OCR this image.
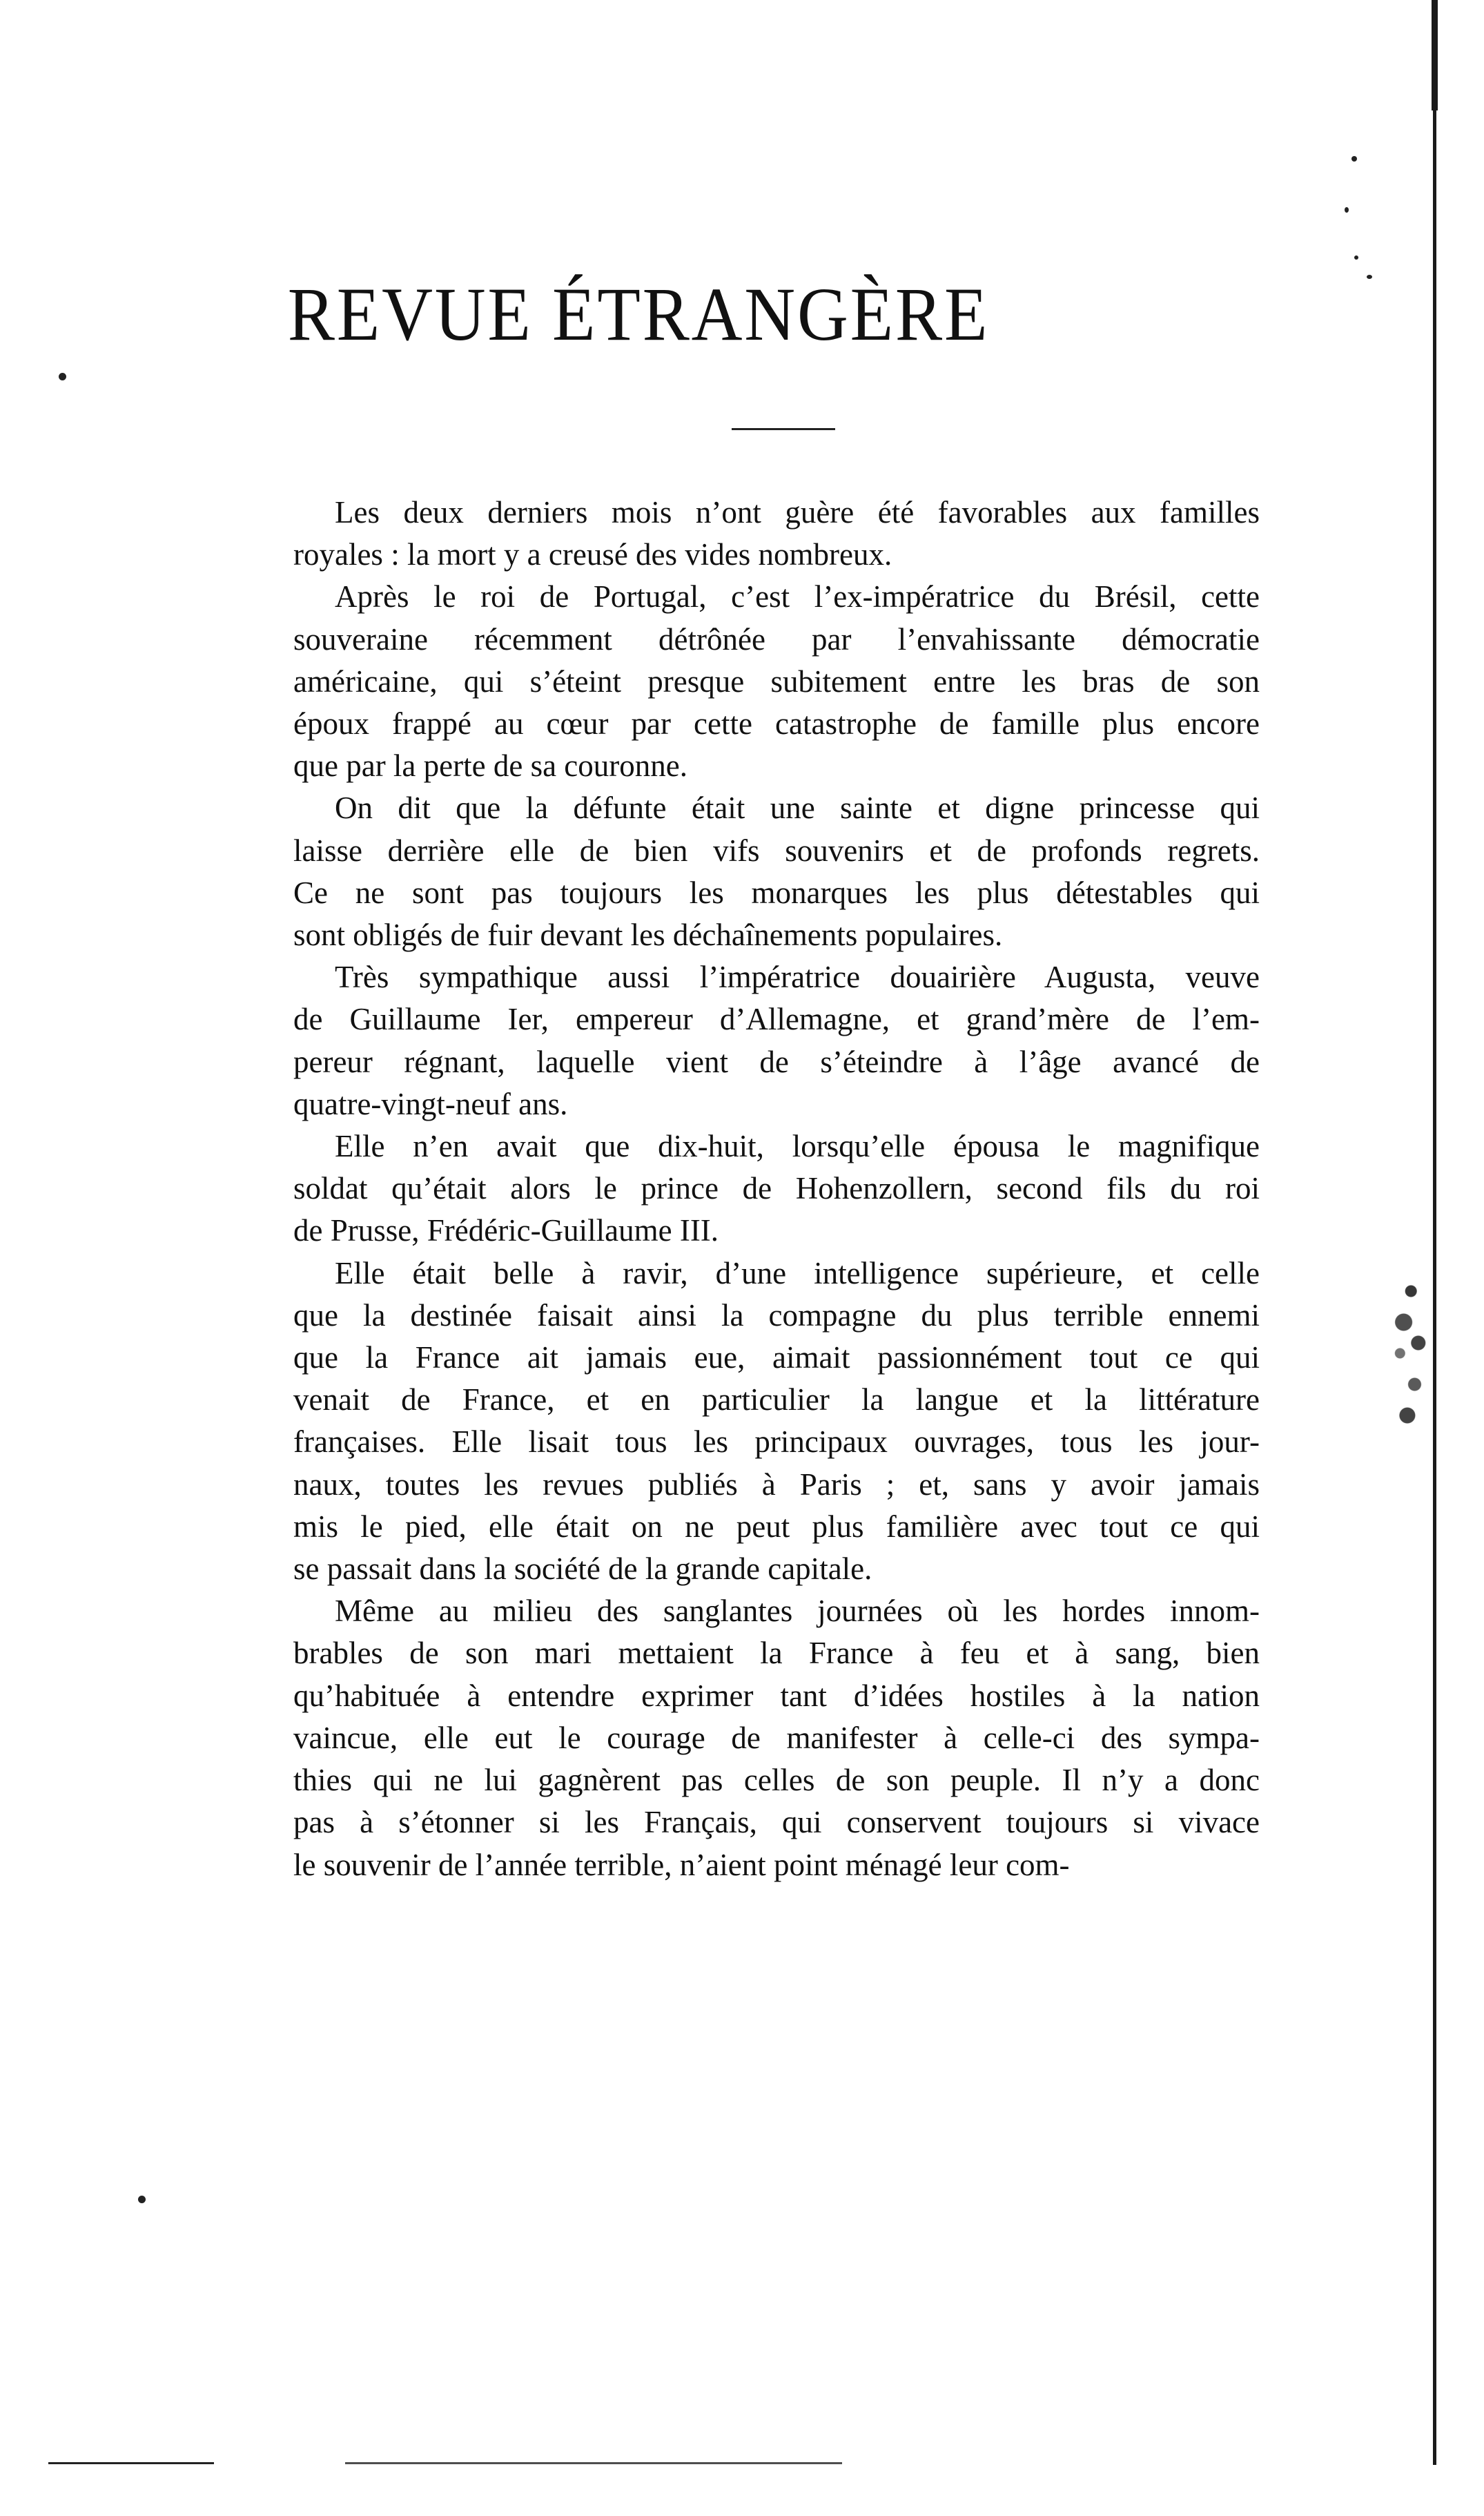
REVUE ÉTRANGÈRE
Les deux derniers mois n’ont guère été favorables aux familles
royales : la mort y a creusé des vides nombreux.
Après le roi de Portugal, c’est l’ex-impératrice du Brésil, cette
souveraine récemment détrônée par l’envahissante démocratie
américaine, qui s’éteint presque subitement entre les bras de son
époux frappé au cœur par cette catastrophe de famille plus encore
que par la perte de sa couronne.
On dit que la défunte était une sainte et digne princesse qui
laisse derrière elle de bien vifs souvenirs et de profonds regrets.
Ce ne sont pas toujours les monarques les plus détestables qui
sont obligés de fuir devant les déchaînements populaires.
Très sympathique aussi l’impératrice douairière Augusta, veuve
de Guillaume Ier, empereur d’Allemagne, et grand’mère de l’em-
pereur régnant, laquelle vient de s’éteindre à l’âge avancé de
quatre-vingt-neuf ans.
Elle n’en avait que dix-huit, lorsqu’elle épousa le magnifique
soldat qu’était alors le prince de Hohenzollern, second fils du roi
de Prusse, Frédéric-Guillaume III.
Elle était belle à ravir, d’une intelligence supérieure, et celle
que la destinée faisait ainsi la compagne du plus terrible ennemi
que la France ait jamais eue, aimait passionnément tout ce qui
venait de France, et en particulier la langue et la littérature
françaises. Elle lisait tous les principaux ouvrages, tous les jour-
naux, toutes les revues publiés à Paris ; et, sans y avoir jamais
mis le pied, elle était on ne peut plus familière avec tout ce qui
se passait dans la société de la grande capitale.
Même au milieu des sanglantes journées où les hordes innom-
brables de son mari mettaient la France à feu et à sang, bien
qu’habituée à entendre exprimer tant d’idées hostiles à la nation
vaincue, elle eut le courage de manifester à celle-ci des sympa-
thies qui ne lui gagnèrent pas celles de son peuple. Il n’y a donc
pas à s’étonner si les Français, qui conservent toujours si vivace
le souvenir de l’année terrible, n’aient point ménagé leur com-
